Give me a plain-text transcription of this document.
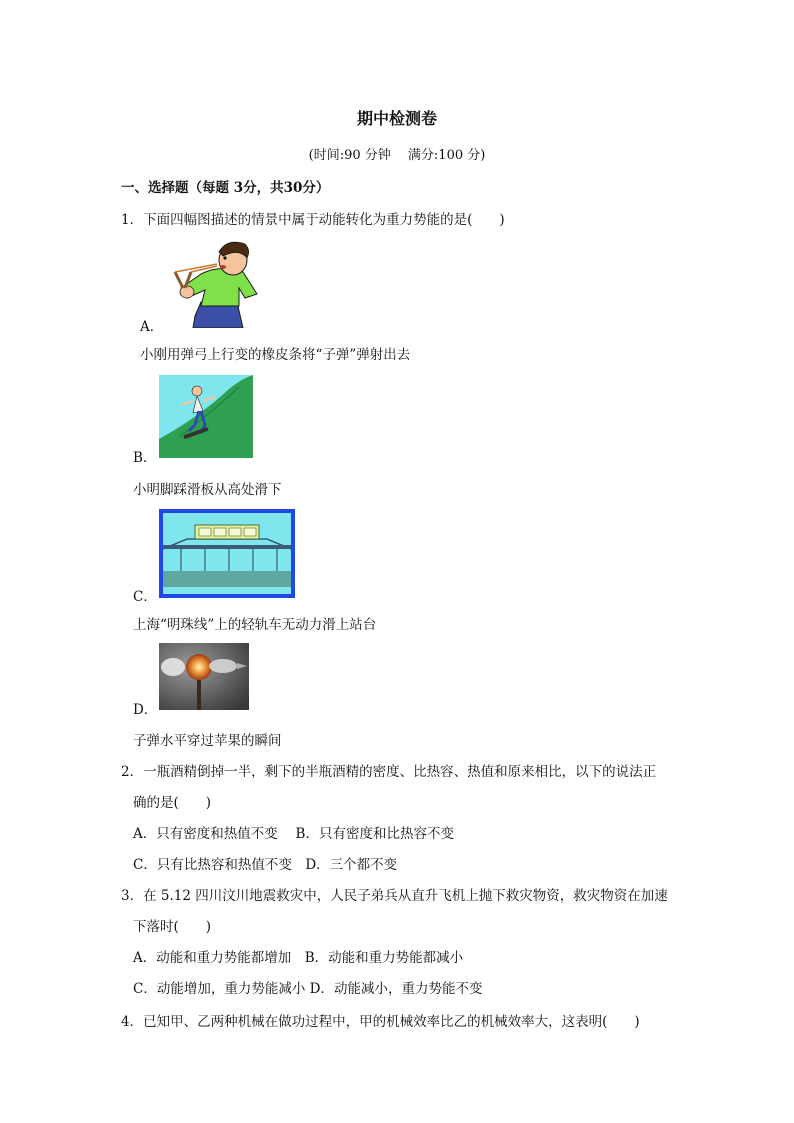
期中检测卷
(时间:90 分钟　 满分:100 分)
一、选择题（每题 3分，共30分）
1．下面四幅图描述的情景中属于动能转化为重力势能的是(　　)
A．
小刚用弹弓上行变的橡皮条将“子弹”弹射出去
B．
小明脚踩滑板从高处滑下
C．
上海“明珠线”上的轻轨车无动力滑上站台
D．
子弹水平穿过苹果的瞬间
2．一瓶酒精倒掉一半，剩下的半瓶酒精的密度、比热容、热值和原来相比，以下的说法正
确的是(　　)
A．只有密度和热值不变　 B．只有密度和比热容不变
C．只有比热容和热值不变　D．三个都不变
3．在 5.12 四川汶川地震救灾中，人民子弟兵从直升飞机上抛下救灾物资，救灾物资在加速
下落时(　　)
A．动能和重力势能都增加　B．动能和重力势能都减小
C．动能增加，重力势能减小 D．动能减小，重力势能不变
4．已知甲、乙两种机械在做功过程中，甲的机械效率比乙的机械效率大，这表明(　　)
